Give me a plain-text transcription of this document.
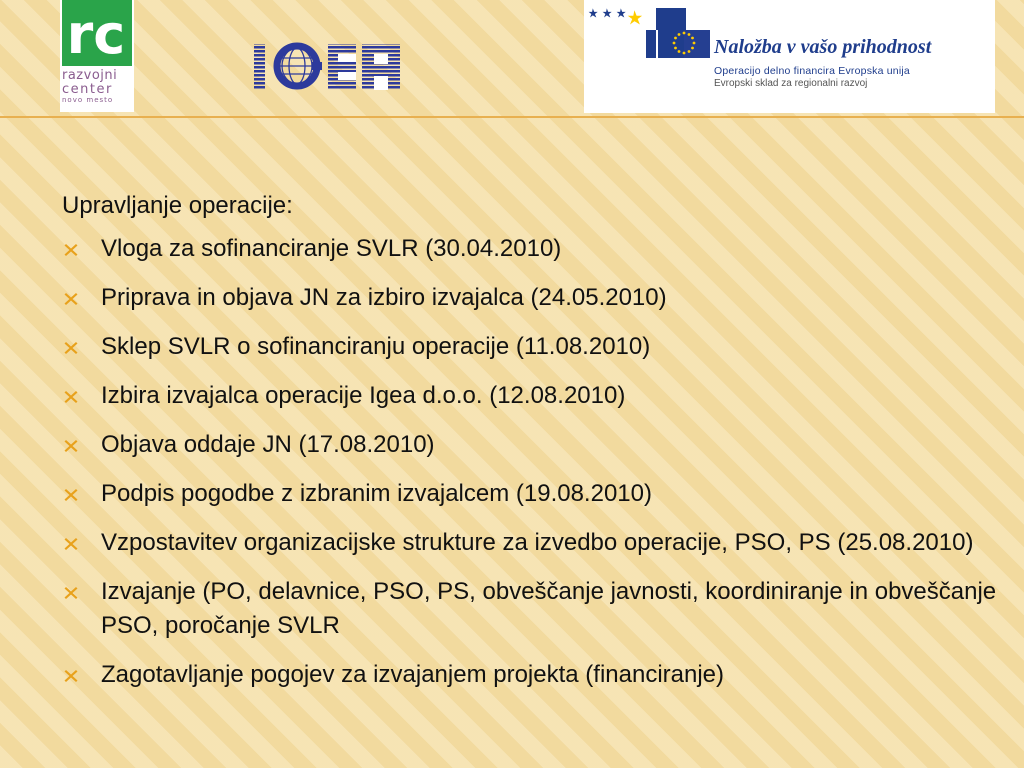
rc
razvojni
center
novo mesto
Naložba v vašo prihodnost
Operacijo delno financira Evropska unija
Evropski sklad za regionalni razvoj
Upravljanje operacije:
Vloga za sofinanciranje SVLR (30.04.2010)
Priprava in objava JN za izbiro izvajalca (24.05.2010)
Sklep SVLR o sofinanciranju operacije (11.08.2010)
Izbira izvajalca operacije Igea d.o.o. (12.08.2010)
Objava oddaje JN (17.08.2010)
Podpis pogodbe z izbranim izvajalcem (19.08.2010)
Vzpostavitev organizacijske strukture za izvedbo operacije, PSO, PS (25.08.2010)
Izvajanje (PO, delavnice, PSO, PS, obveščanje javnosti, koordiniranje in obveščanje PSO, poročanje SVLR
Zagotavljanje pogojev za izvajanjem projekta (financiranje)
